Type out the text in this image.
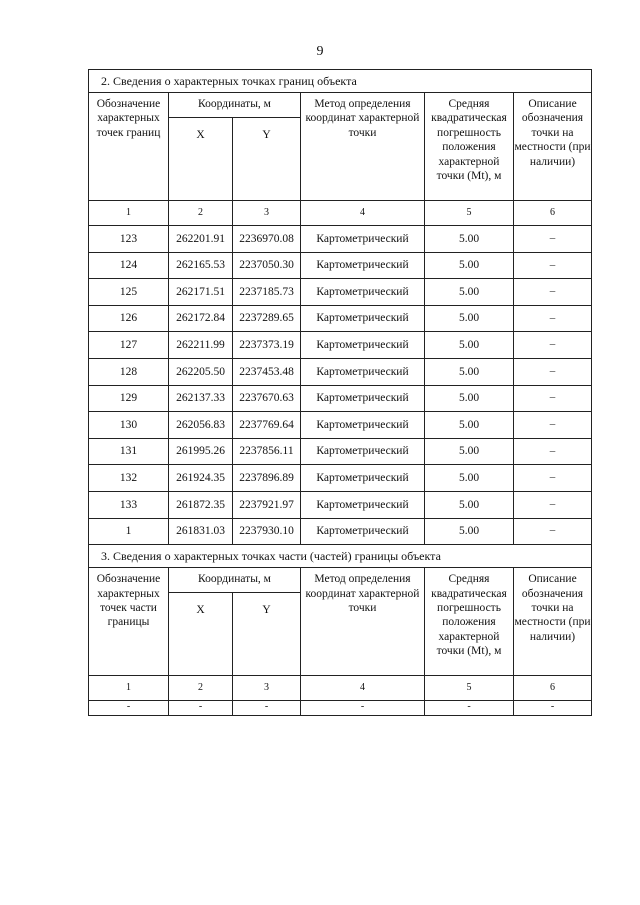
9
2. Сведения о характерных точках границ объекта					
Обозначение характерных точек границ	Координаты, м		Метод определения координат характерной точки	Средняя квадратическая погрешность положения характерной точки (Mt), м	Описание обозначения точки на местности (при наличии)
	X	Y			
1	2	3	4	5	6
123	262201.91	2236970.08	Картометрический	5.00	–
124	262165.53	2237050.30	Картометрический	5.00	–
125	262171.51	2237185.73	Картометрический	5.00	–
126	262172.84	2237289.65	Картометрический	5.00	–
127	262211.99	2237373.19	Картометрический	5.00	–
128	262205.50	2237453.48	Картометрический	5.00	–
129	262137.33	2237670.63	Картометрический	5.00	–
130	262056.83	2237769.64	Картометрический	5.00	–
131	261995.26	2237856.11	Картометрический	5.00	–
132	261924.35	2237896.89	Картометрический	5.00	–
133	261872.35	2237921.97	Картометрический	5.00	–
1	261831.03	2237930.10	Картометрический	5.00	–
3. Сведения о характерных точках части (частей) границы объекта					
Обозначение характерных точек части границы	Координаты, м		Метод определения координат характерной точки	Средняя квадратическая погрешность положения характерной точки (Mt), м	Описание обозначения точки на местности (при наличии)
	X	Y			
1	2	3	4	5	6
-	-	-	-	-	-
